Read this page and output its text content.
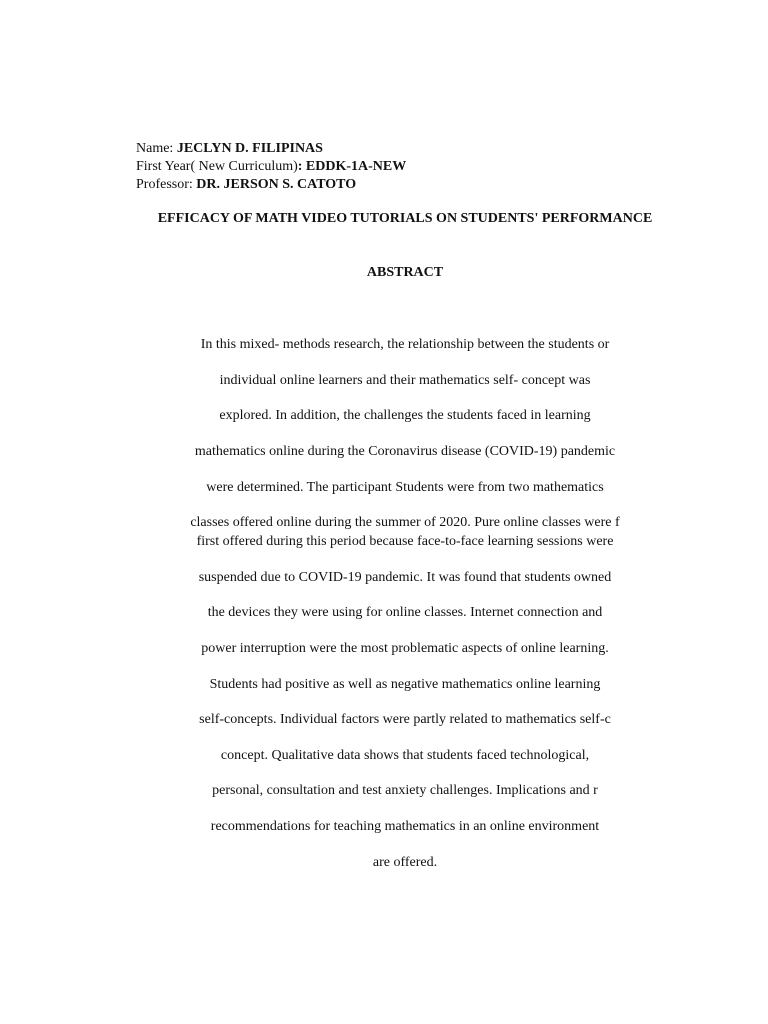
Name: JECLYN D. FILIPINAS
First Year( New Curriculum): EDDK-1A-NEW
Professor: DR. JERSON S. CATOTO
EFFICACY OF MATH VIDEO TUTORIALS ON STUDENTS' PERFORMANCE
ABSTRACT
In this mixed- methods research, the relationship between the students or
individual online learners and their mathematics self- concept was
explored. In addition, the challenges the students faced in learning
mathematics online during the Coronavirus disease (COVID-19) pandemic
were determined. The participant Students were from two mathematics
classes offered online during the summer of 2020. Pure online classes were f
first offered during this period because face-to-face learning sessions were
suspended due to COVID-19 pandemic. It was found that students owned
the devices they were using for online classes. Internet connection and
power interruption were the most problematic aspects of online learning.
Students had positive as well as negative mathematics online learning
self-concepts. Individual factors were partly related to mathematics self-c
concept. Qualitative data shows that students faced technological,
personal, consultation and test anxiety challenges. Implications and r
recommendations for teaching mathematics in an online environment
are offered.
